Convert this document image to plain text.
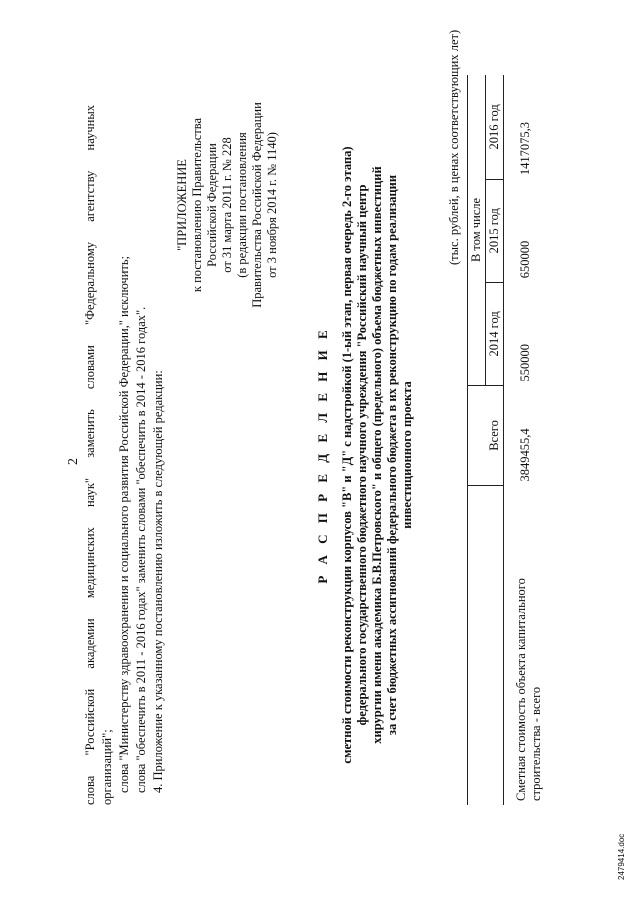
2 слова "Российской академии медицинских наук" заменить словами "Федеральному агентству научных организаций"; слова "Министерству здравоохранения и социального развития Российской Федерации," исключить; слова "обеспечить в 2011 - 2016 годах" заменить словами "обеспечить в 2014 - 2016 годах". 4. Приложение к указанному постановлению изложить в следующей редакции:
"ПРИЛОЖЕНИЕ к постановлению Правительства Российской Федерации от 31 марта 2011 г. № 228 (в редакции постановления Правительства Российской Федерации от 3 ноября 2014 г. № 1140)
Р А С П Р Е Д Е Л Е Н И Е сметной стоимости реконструкции корпусов "В" и "Д" с надстройкой (1-ый этап, первая очередь 2-го этапа) федерального государственного бюджетного научного учреждения "Российский научный центр хирургии имени академика Б.В.Петровского" и общего (предельного) объема бюджетных инвестиций за счет бюджетных ассигнований федерального бюджета в их реконструкцию по годам реализации инвестиционного проекта
(тыс. рублей, в ценах соответствующих лет)
	Всего	В том числе		
		2014 год	2015 год	2016 год

Сметная стоимость объекта капитального строительства - всего	3849455,4	550000	650000	1417075,3
2479414.doc
